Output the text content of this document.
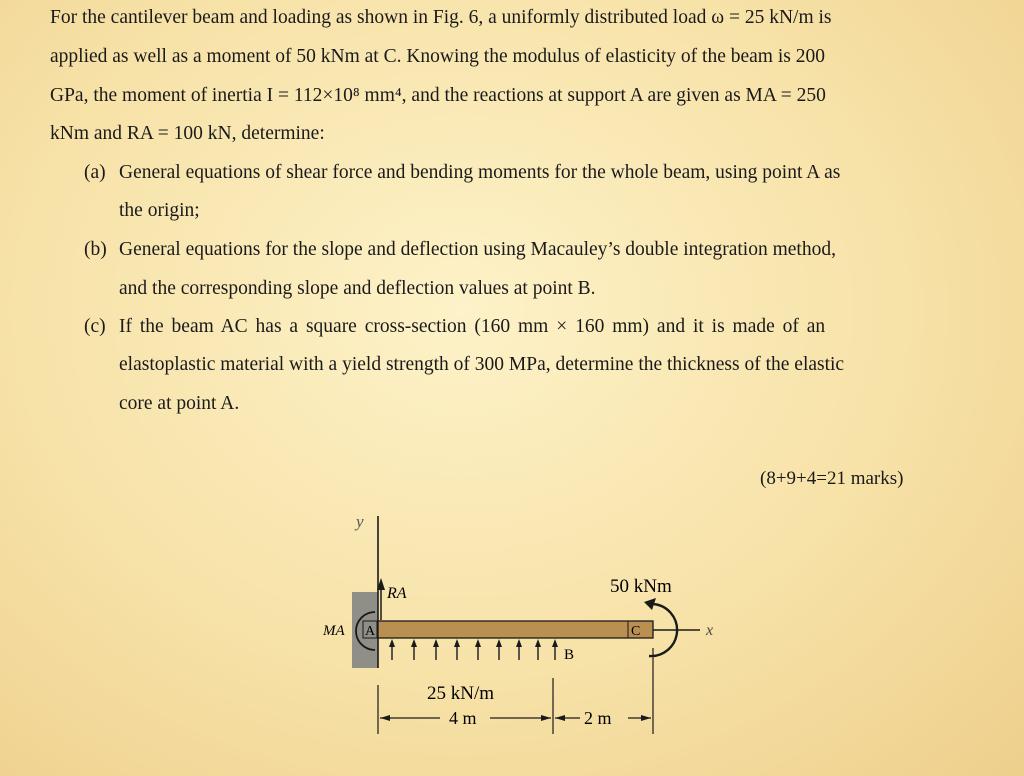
For the cantilever beam and loading as shown in Fig. 6, a uniformly distributed load ω = 25 kN/m is
applied as well as a moment of 50 kNm at C. Knowing the modulus of elasticity of the beam is 200
GPa, the moment of inertia I = 112×10⁸ mm⁴, and the reactions at support A are given as MA = 250
kNm and RA = 100 kN, determine:
(a) General equations of shear force and bending moments for the whole beam, using point A as
the origin;
(b) General equations for the slope and deflection using Macauley’s double integration method,
and the corresponding slope and deflection values at point B.
(c) If the beam AC has a square cross-section (160 mm × 160 mm) and it is made of an
elastoplastic material with a yield strength of 300 MPa, determine the thickness of the elastic
core at point A.
(8+9+4=21 marks)
y
RA
A	C
MA	x
50 kNm
B
25 kN/m
4 m	2 m
